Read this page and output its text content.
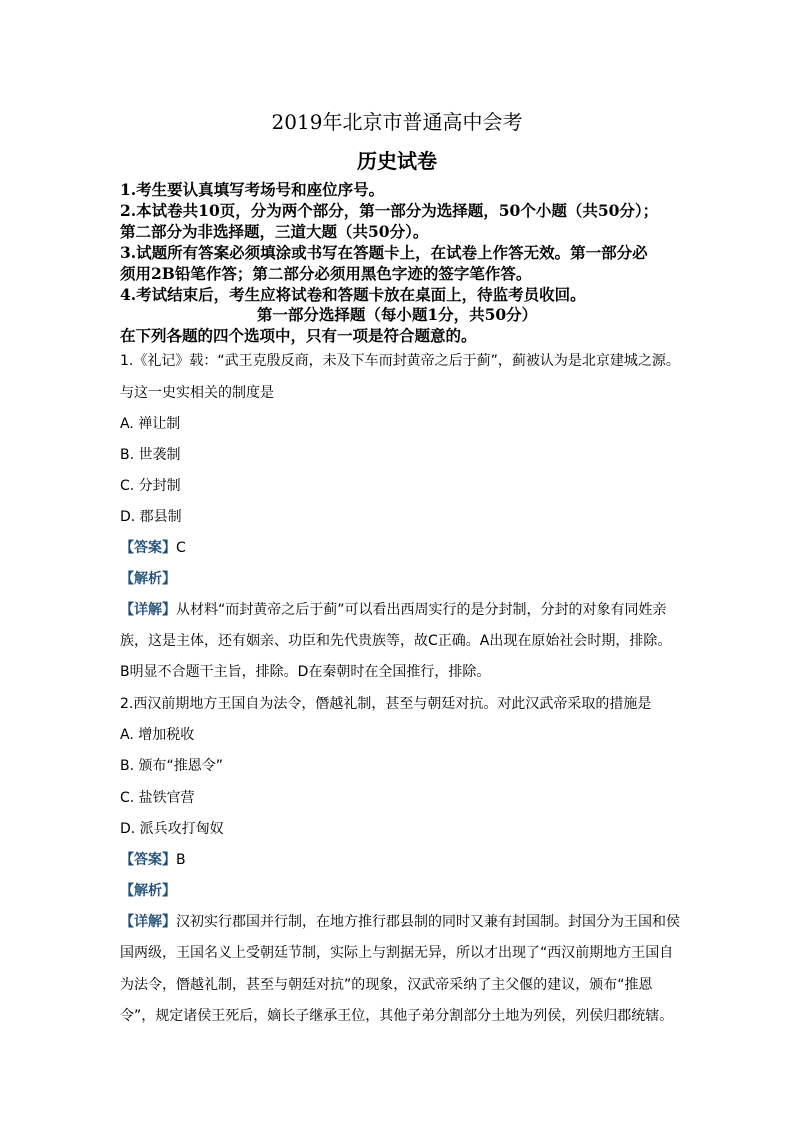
2019年北京市普通高中会考
历史试卷
1.考生要认真填写考场号和座位序号。
2.本试卷共10页，分为两个部分，第一部分为选择题，50个小题（共50分）；
第二部分为非选择题，三道大题（共50分）。
3.试题所有答案必须填涂或书写在答题卡上，在试卷上作答无效。第一部分必
须用2B铅笔作答；第二部分必须用黑色字迹的签字笔作答。
4.考试结束后，考生应将试卷和答题卡放在桌面上，待监考员收回。
第一部分选择题（每小题1分，共50分）
在下列各题的四个选项中，只有一项是符合题意的。
1.《礼记》载：“武王克殷反商，未及下车而封黄帝之后于蓟”，蓟被认为是北京建城之源。
与这一史实相关的制度是
A. 禅让制
B. 世袭制
C. 分封制
D. 郡县制
【答案】C
【解析】
【详解】从材料“而封黄帝之后于蓟”可以看出西周实行的是分封制，分封的对象有同姓亲
族，这是主体，还有姻亲、功臣和先代贵族等，故C正确。A出现在原始社会时期，排除。
B明显不合题干主旨，排除。D在秦朝时在全国推行，排除。
2.西汉前期地方王国自为法令，僭越礼制，甚至与朝廷对抗。对此汉武帝采取的措施是
A. 增加税收
B. 颁布“推恩令”
C. 盐铁官营
D. 派兵攻打匈奴
【答案】B
【解析】
【详解】汉初实行郡国并行制，在地方推行郡县制的同时又兼有封国制。封国分为王国和侯
国两级，王国名义上受朝廷节制，实际上与割据无异，所以才出现了“西汉前期地方王国自
为法令，僭越礼制，甚至与朝廷对抗”的现象，汉武帝采纳了主父偃的建议，颁布“推恩
令”，规定诸侯王死后，嫡长子继承王位，其他子弟分割部分土地为列侯，列侯归郡统辖。
